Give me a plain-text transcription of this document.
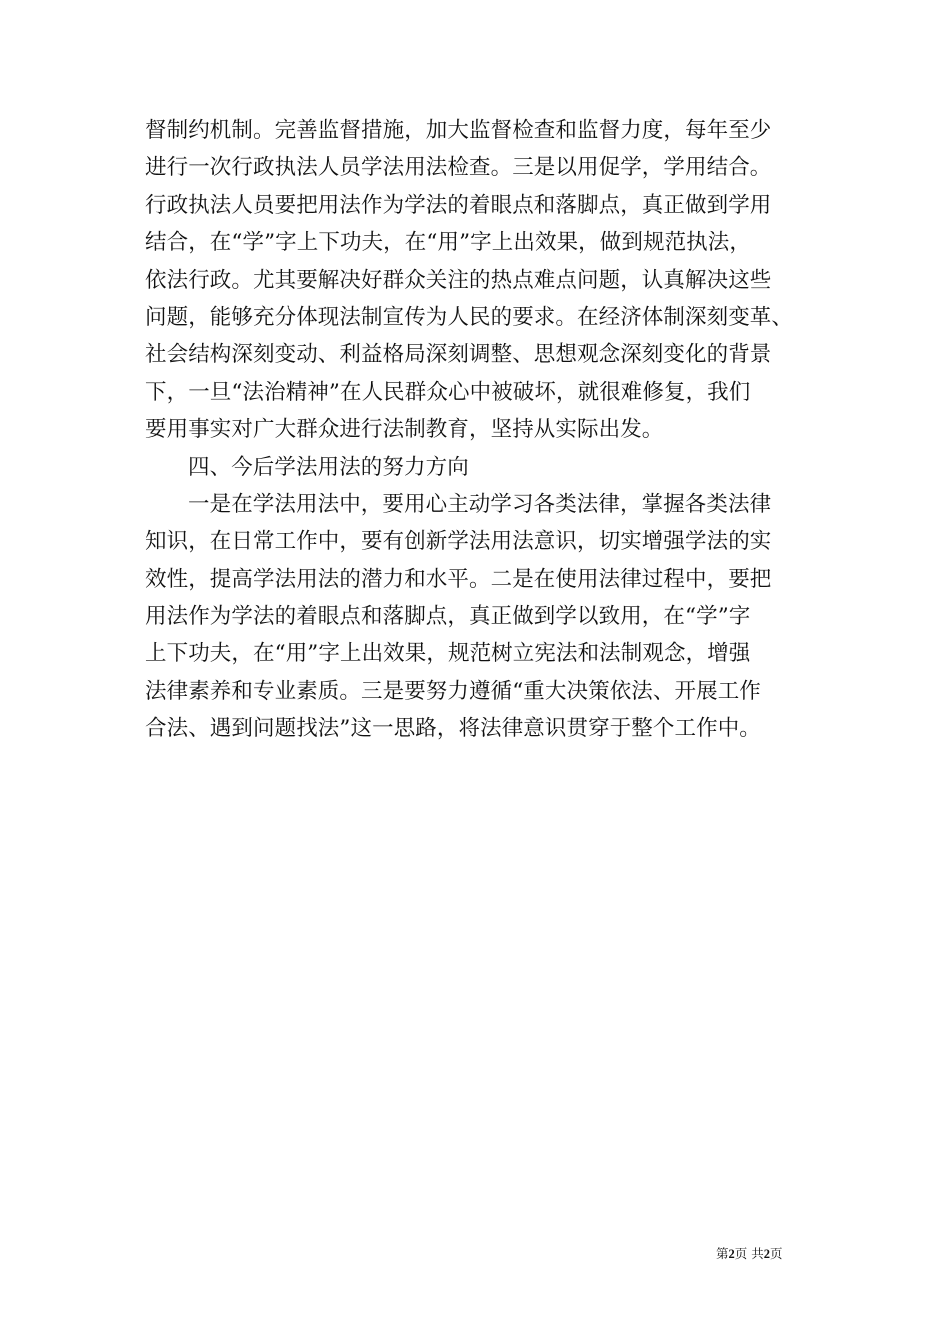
督制约机制。完善监督措施，加大监督检查和监督力度，每年至少
进行一次行政执法人员学法用法检查。三是以用促学，学用结合。
行政执法人员要把用法作为学法的着眼点和落脚点，真正做到学用
结合，在“学”字上下功夫，在“用”字上出效果，做到规范执法，
依法行政。尤其要解决好群众关注的热点难点问题，认真解决这些
问题，能够充分体现法制宣传为人民的要求。在经济体制深刻变革、
社会结构深刻变动、利益格局深刻调整、思想观念深刻变化的背景
下，一旦“法治精神”在人民群众心中被破坏，就很难修复，我们
要用事实对广大群众进行法制教育，坚持从实际出发。
四、今后学法用法的努力方向
一是在学法用法中，要用心主动学习各类法律，掌握各类法律
知识，在日常工作中，要有创新学法用法意识，切实增强学法的实
效性，提高学法用法的潜力和水平。二是在使用法律过程中，要把
用法作为学法的着眼点和落脚点，真正做到学以致用，在“学”字
上下功夫，在“用”字上出效果，规范树立宪法和法制观念，增强
法律素养和专业素质。三是要努力遵循“重大决策依法、开展工作
合法、遇到问题找法”这一思路，将法律意识贯穿于整个工作中。
第2页 共2页
